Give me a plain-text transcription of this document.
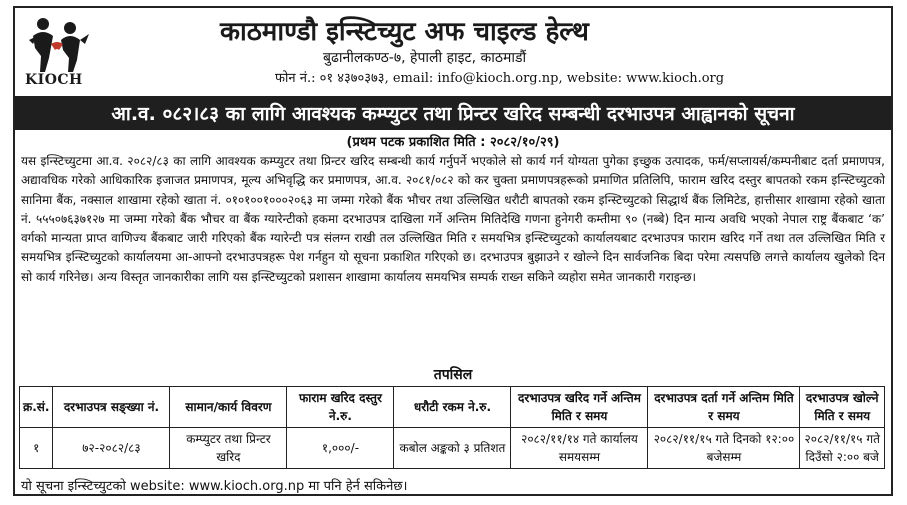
KIOCH
काठमाण्डौ इन्स्टिच्युट अफ चाइल्ड हेल्थ
बुढानीलकण्ठ-७, हेपाली हाइट, काठमाडौं
फोन नं.: ०१ ४३७०३७३, email: info@kioch.org.np, website: www.kioch.org
आ.व. ०८२।८३ का लागि आवश्यक कम्प्युटर तथा प्रिन्टर खरिद सम्बन्धी दरभाउपत्र आह्वानको सूचना
(प्रथम पटक प्रकाशित मिति : २०८२/१०/२९)
यस इन्स्टिच्युटमा आ.व. २०८२/८३ का लागि आवश्यक कम्प्युटर तथा प्रिन्टर खरिद सम्बन्धी कार्य गर्नुपर्ने भएकोले सो कार्य गर्न योग्यता पुगेका इच्छुक उत्पादक, फर्म/सप्लायर्स/कम्पनीबाट दर्ता प्रमाणपत्र, अद्यावधिक गरेको आधिकारिक इजाजत प्रमाणपत्र, मूल्य अभिवृद्धि कर प्रमाणपत्र, आ.व. २०८१/०८२ को कर चुक्ता प्रमाणपत्रहरूको प्रमाणित प्रतिलिपि, फाराम खरिद दस्तुर बापतको रकम इन्स्टिच्युटको सानिमा बैंक, नक्साल शाखामा रहेको खाता नं. ०१०१००१०००२०६३ मा जम्मा गरेको बैंक भौचर तथा उल्लिखित धरौटी बापतको रकम इन्स्टिच्युटको सिद्धार्थ बैंक लिमिटेड, हात्तीसार शाखामा रहेको खाता नं. ५५५०७६३७१२७ मा जम्मा गरेको बैंक भौचर वा बैंक ग्यारेन्टीको हकमा दरभाउपत्र दाखिला गर्ने अन्तिम मितिदेखि गणना हुनेगरी कम्तीमा ९० (नब्बे) दिन मान्य अवधि भएको नेपाल राष्ट्र बैंकबाट ‘क’ वर्गको मान्यता प्राप्त वाणिज्य बैंकबाट जारी गरिएको बैंक ग्यारेन्टी पत्र संलग्न राखी तल उल्लिखित मिति र समयभित्र इन्स्टिच्युटको कार्यालयबाट दरभाउपत्र फाराम खरिद गर्ने तथा तल उल्लिखित मिति र समयभित्र इन्स्टिच्युटको कार्यालयमा आ-आफ्नो दरभाउपत्रहरू पेश गर्नहुन यो सूचना प्रकाशित गरिएको छ। दरभाउपत्र बुझाउने र खोल्ने दिन सार्वजनिक बिदा परेमा त्यसपछि लगत्ते कार्यालय खुलेको दिन सो कार्य गरिनेछ। अन्य विस्तृत जानकारीका लागि यस इन्स्टिच्युटको प्रशासन शाखामा कार्यालय समयभित्र सम्पर्क राख्न सकिने व्यहोरा समेत जानकारी गराइन्छ।
तपसिल
क्र.सं.	दरभाउपत्र सङ्ख्या नं.	सामान/कार्य विवरण	फाराम खरिद दस्तुर ने.रु.	धरौटी रकम ने.रु.	दरभाउपत्र खरिद गर्ने अन्तिम मिति र समय	दरभाउपत्र दर्ता गर्ने अन्तिम मिति र समय	दरभाउपत्र खोल्ने मिति र समय
१	७२-२०८२/८३	कम्प्युटर तथा प्रिन्टर खरिद	१,०००/-	कबोल अङ्कको ३ प्रतिशत	२०८२/११/१४ गते कार्यालय समयसम्म	२०८२/११/१५ गते दिनको १२:०० बजेसम्म	२०८२/११/१५ गते दिउँसो २:०० बजे
यो सूचना इन्स्टिच्युटको website: www.kioch.org.np मा पनि हेर्न सकिनेछ।
